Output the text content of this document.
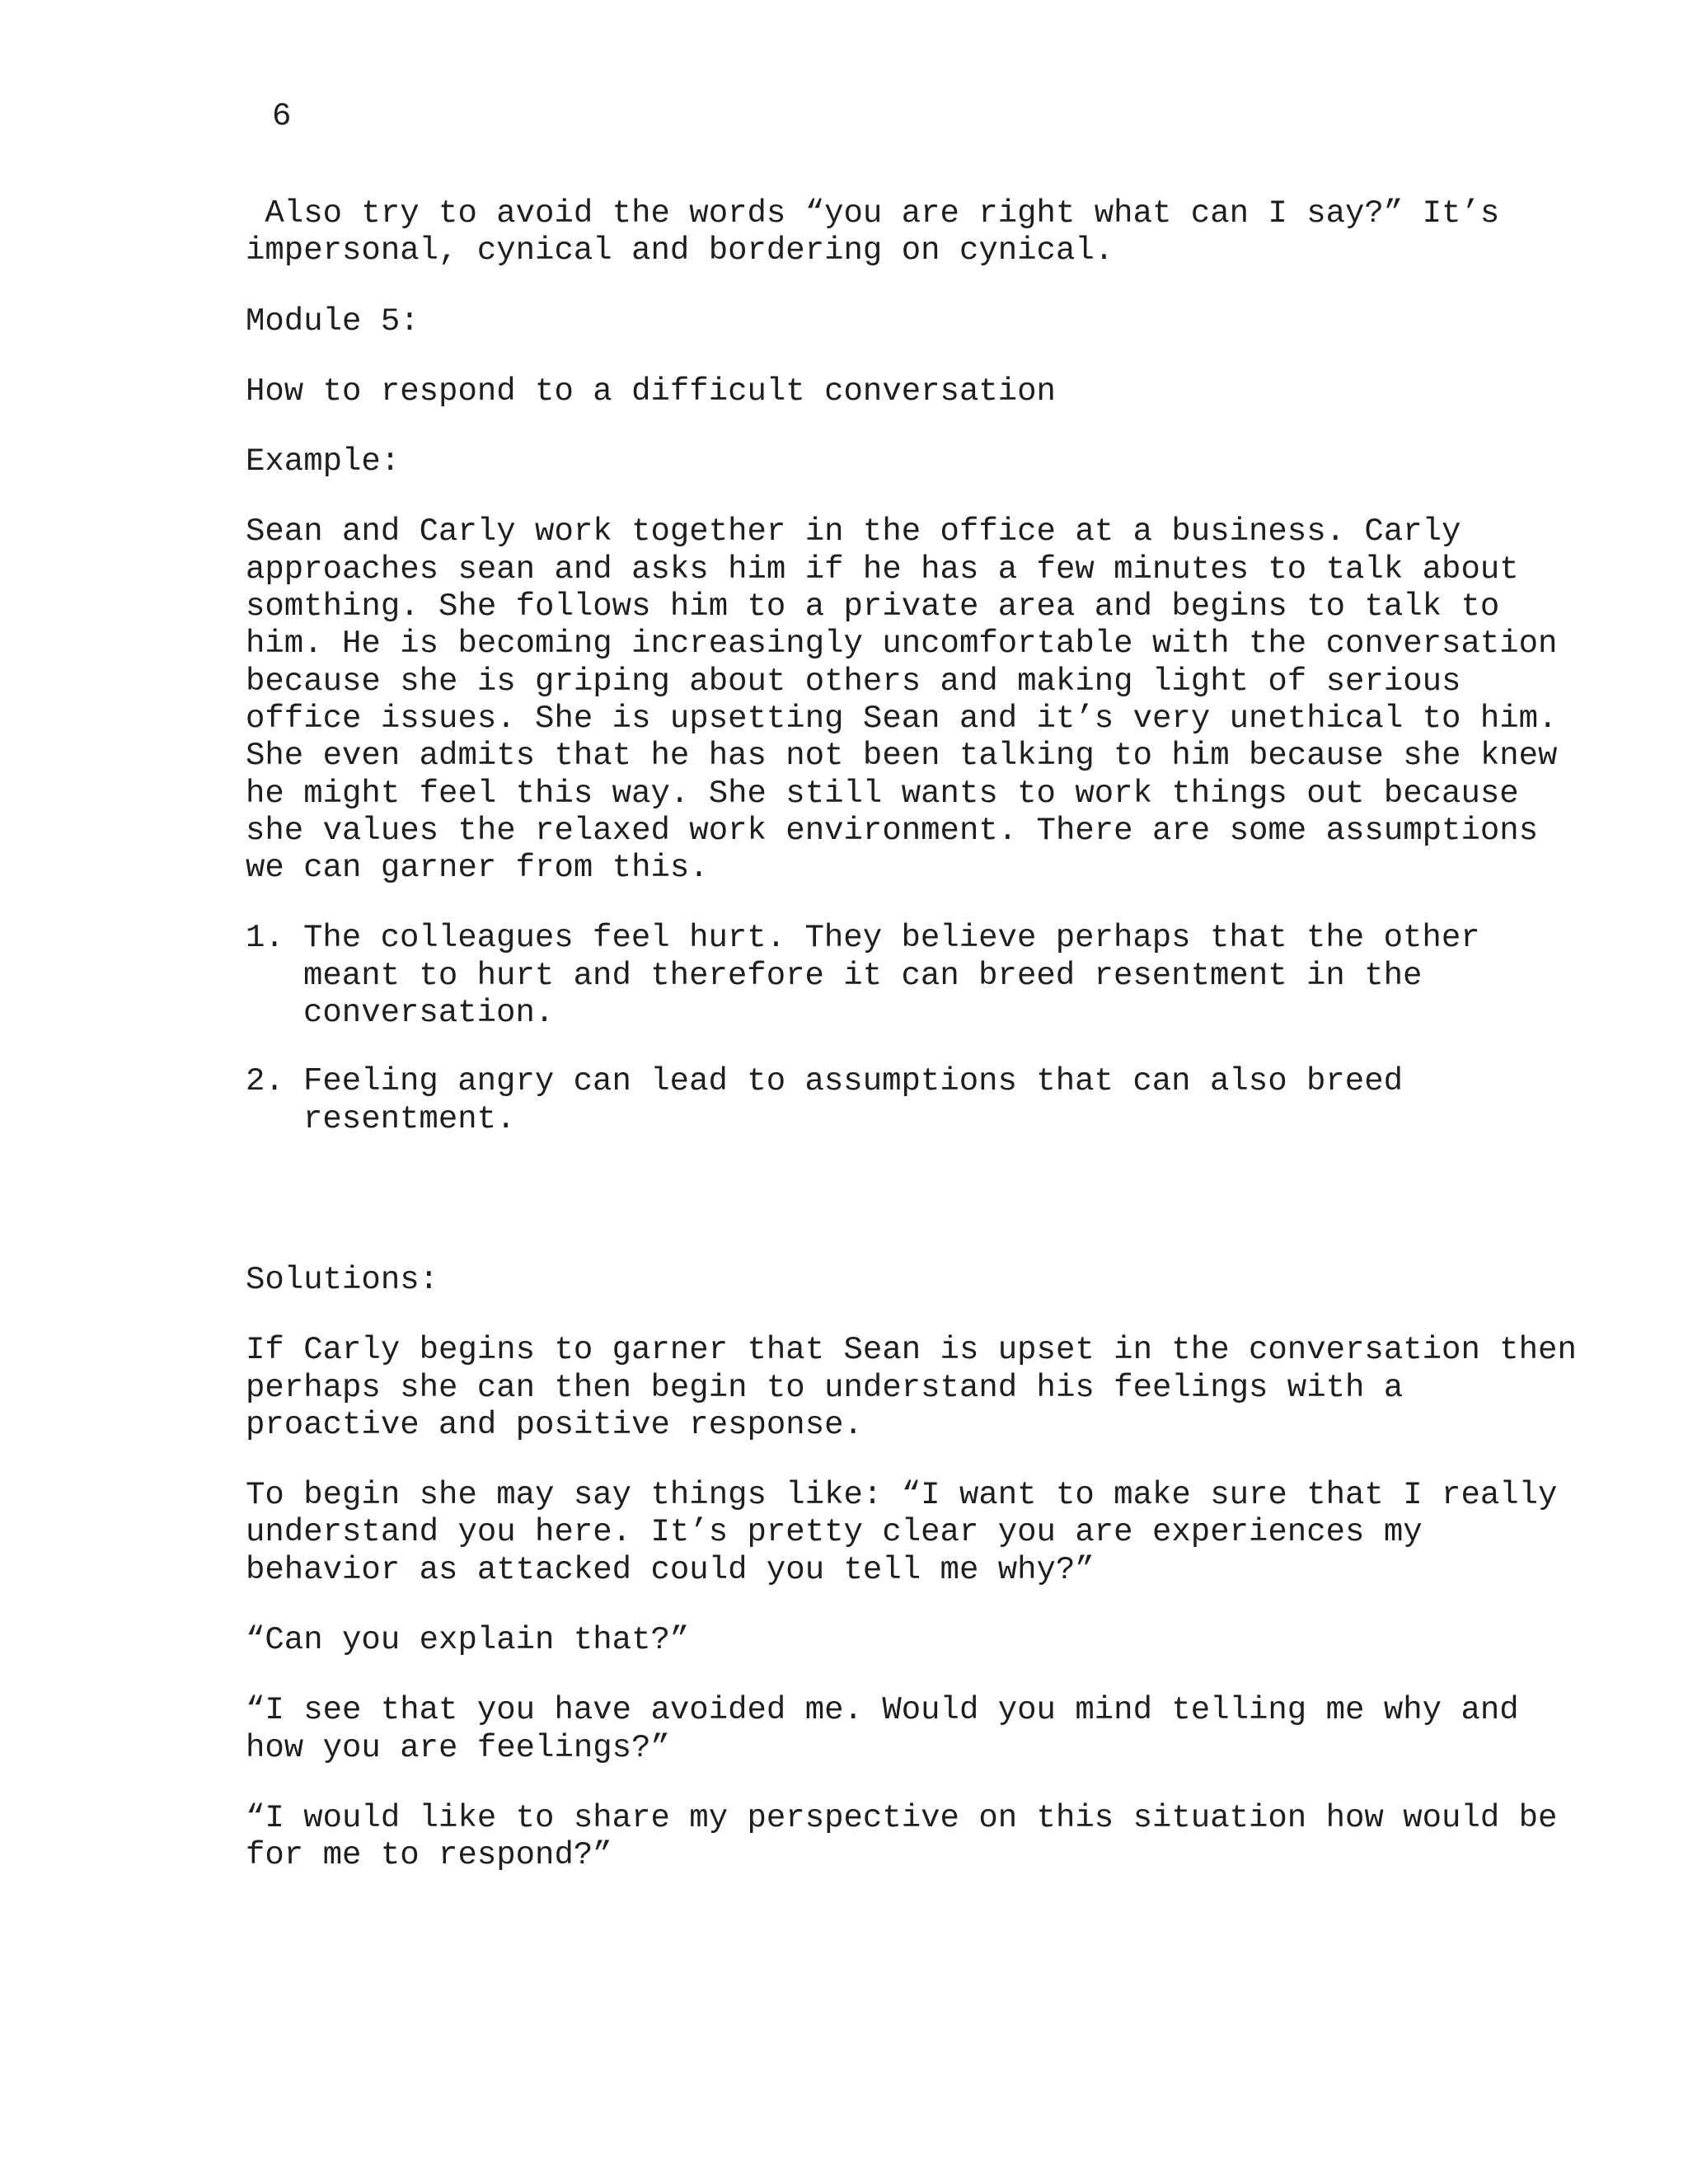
6

Also try to avoid the words “you are right what can I say?” It’s impersonal, cynical and bordering on cynical.

Module 5:

How to respond to a difficult conversation

Example:

Sean and Carly work together in the office at a business. Carly approaches sean and asks him if he has a few minutes to talk about somthing. She follows him to a private area and begins to talk to him. He is becoming increasingly uncomfortable with the conversation because she is griping about others and making light of serious office issues. She is upsetting Sean and it’s very unethical to him. She even admits that he has not been talking to him because she knew he might feel this way. She still wants to work things out because she values the relaxed work environment. There are some assumptions we can garner from this.

1. The colleagues feel hurt. They believe perhaps that the other meant to hurt and therefore it can breed resentment in the conversation.
2. Feeling angry can lead to assumptions that can also breed resentment.

Solutions:

If Carly begins to garner that Sean is upset in the conversation then perhaps she can then begin to understand his feelings with a proactive and positive response.

To begin she may say things like: “I want to make sure that I really understand you here. It’s pretty clear you are experiences my behavior as attacked could you tell me why?”

“Can you explain that?”

“I see that you have avoided me. Would you mind telling me why and how you are feelings?”

“I would like to share my perspective on this situation how would be for me to respond?”
